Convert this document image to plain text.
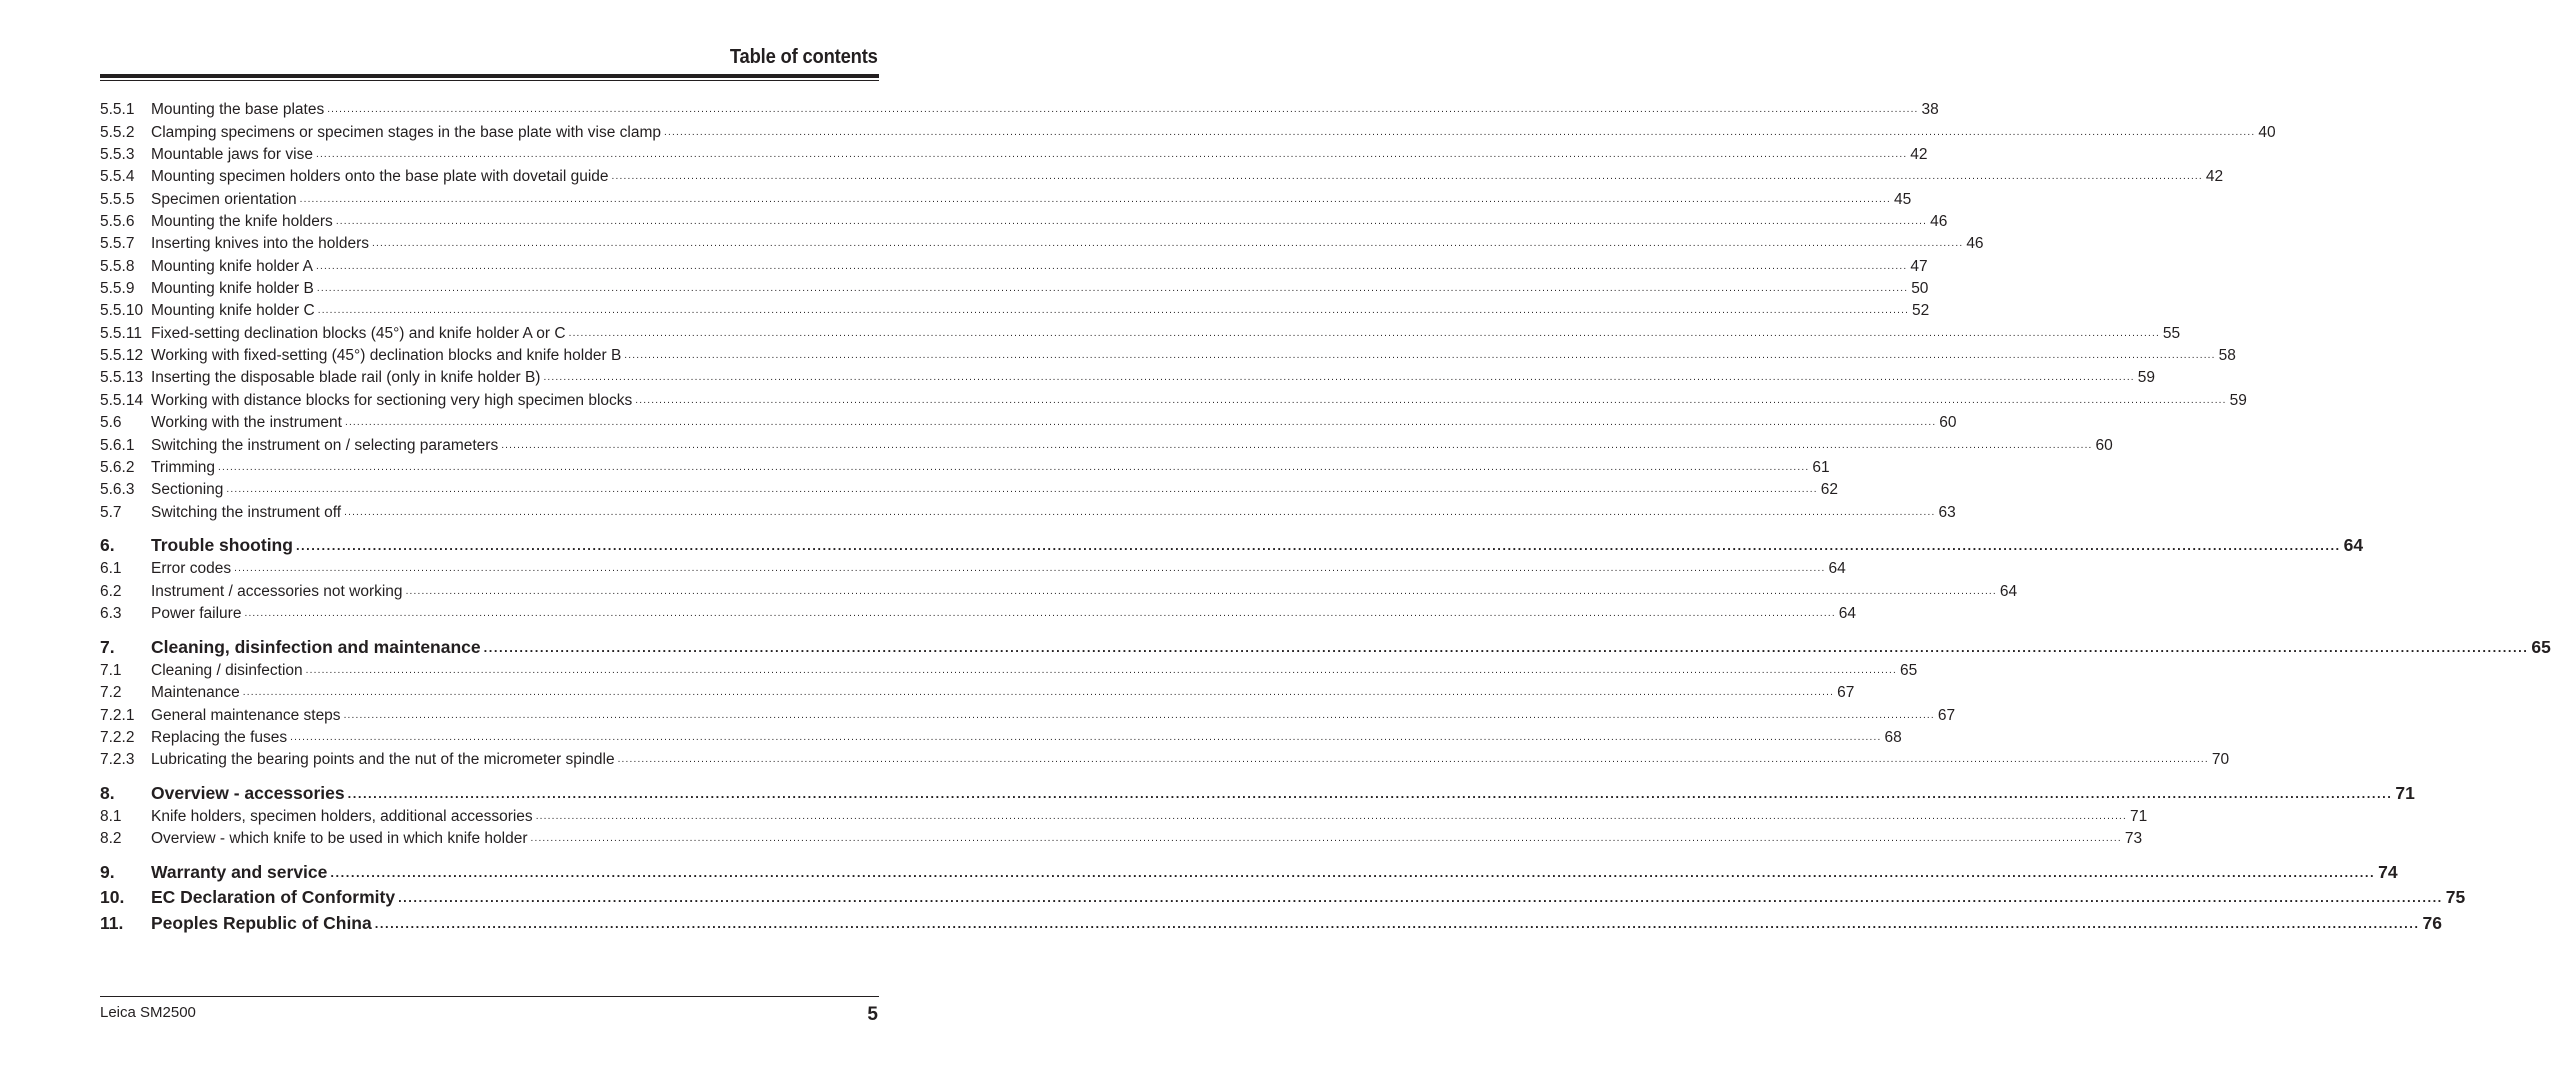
Table of contents
5.5.1	Mounting the base plates ................................................................................................................................................................................................................................................................................................................................................................................................................ 38
5.5.2	Clamping specimens or specimen stages in the base plate with vise clamp ................................................................................................................................................................................................................................................................................................................................................................................................................ 40
5.5.3	Mountable jaws for vise ................................................................................................................................................................................................................................................................................................................................................................................................................ 42
5.5.4	Mounting specimen holders onto the base plate with dovetail guide ................................................................................................................................................................................................................................................................................................................................................................................................................ 42
5.5.5	Specimen orientation ................................................................................................................................................................................................................................................................................................................................................................................................................ 45
5.5.6	Mounting the knife holders ................................................................................................................................................................................................................................................................................................................................................................................................................ 46
5.5.7	Inserting knives into the holders ................................................................................................................................................................................................................................................................................................................................................................................................................ 46
5.5.8	Mounting knife holder A ................................................................................................................................................................................................................................................................................................................................................................................................................ 47
5.5.9	Mounting knife holder B ................................................................................................................................................................................................................................................................................................................................................................................................................ 50
5.5.10 Mounting knife holder C ................................................................................................................................................................................................................................................................................................................................................................................................................ 52
5.5.11 Fixed-setting declination blocks (45°) and knife holder A or C ................................................................................................................................................................................................................................................................................................................................................................................................................ 55
5.5.12 Working with fixed-setting (45°) declination blocks and knife holder B ................................................................................................................................................................................................................................................................................................................................................................................................................ 58
5.5.13 Inserting the disposable blade rail (only in knife holder B) ................................................................................................................................................................................................................................................................................................................................................................................................................ 59
5.5.14 Working with distance blocks for sectioning very high specimen blocks ................................................................................................................................................................................................................................................................................................................................................................................................................ 59
5.6	Working with the instrument ................................................................................................................................................................................................................................................................................................................................................................................................................ 60
5.6.1	Switching the instrument on / selecting parameters ................................................................................................................................................................................................................................................................................................................................................................................................................ 60
5.6.2	Trimming ................................................................................................................................................................................................................................................................................................................................................................................................................ 61
5.6.3	Sectioning ................................................................................................................................................................................................................................................................................................................................................................................................................ 62
5.7	Switching the instrument off ................................................................................................................................................................................................................................................................................................................................................................................................................ 63
6.	Trouble shooting ................................................................................................................................................................................................................................................................................................................................................................................................................ 64
6.1	Error codes ................................................................................................................................................................................................................................................................................................................................................................................................................ 64
6.2	Instrument / accessories not working ................................................................................................................................................................................................................................................................................................................................................................................................................ 64
6.3	Power failure ................................................................................................................................................................................................................................................................................................................................................................................................................ 64
7.	Cleaning, disinfection and maintenance ................................................................................................................................................................................................................................................................................................................................................................................................................ 65
7.1	Cleaning / disinfection ................................................................................................................................................................................................................................................................................................................................................................................................................ 65
7.2	Maintenance ................................................................................................................................................................................................................................................................................................................................................................................................................ 67
7.2.1	General maintenance steps ................................................................................................................................................................................................................................................................................................................................................................................................................ 67
7.2.2	Replacing the fuses ................................................................................................................................................................................................................................................................................................................................................................................................................ 68
7.2.3	Lubricating the bearing points and the nut of the micrometer spindle ................................................................................................................................................................................................................................................................................................................................................................................................................ 70
8.	Overview - accessories ................................................................................................................................................................................................................................................................................................................................................................................................................ 71
8.1	Knife holders, specimen holders, additional accessories ................................................................................................................................................................................................................................................................................................................................................................................................................ 71
8.2	Overview - which knife to be used in which knife holder ................................................................................................................................................................................................................................................................................................................................................................................................................ 73
9.	Warranty and service ................................................................................................................................................................................................................................................................................................................................................................................................................ 74
10.	EC Declaration of Conformity ................................................................................................................................................................................................................................................................................................................................................................................................................ 75
11.	Peoples Republic of China ................................................................................................................................................................................................................................................................................................................................................................................................................ 76
Leica SM2500	5
